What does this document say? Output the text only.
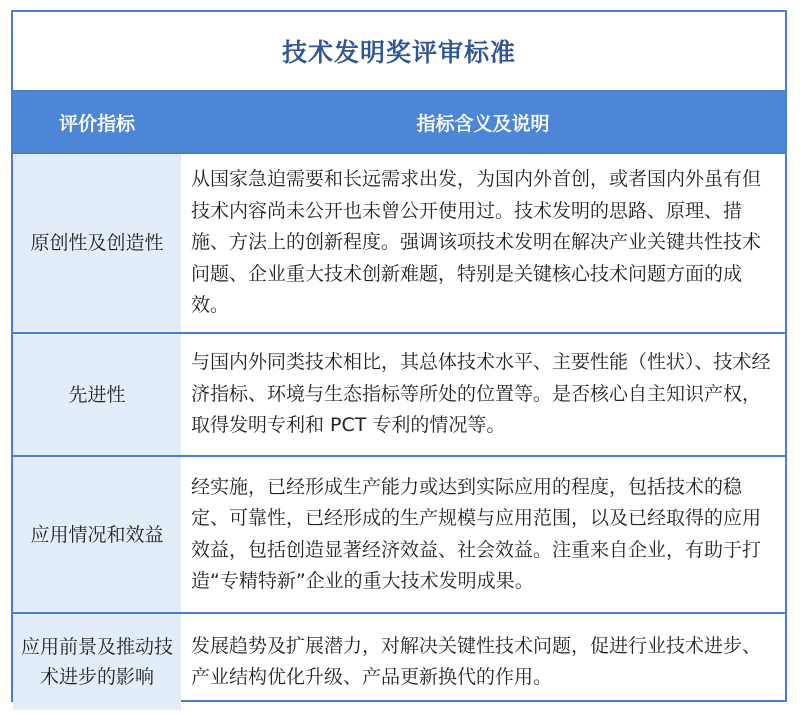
技术发明奖评审标准
评价指标	指标含义及说明
原创性及创造性
从国家急迫需要和长远需求出发，为国内外首创，或者国内外虽有但技术内容尚未公开也未曾公开使用过。技术发明的思路、原理、措施、方法上的创新程度。强调该项技术发明在解决产业关键共性技术问题、企业重大技术创新难题，特别是关键核心技术问题方面的成效。
先进性
与国内外同类技术相比，其总体技术水平、主要性能（性状）、技术经济指标、环境与生态指标等所处的位置等。是否核心自主知识产权，取得发明专利和 PCT 专利的情况等。
应用情况和效益
经实施，已经形成生产能力或达到实际应用的程度，包括技术的稳定、可靠性，已经形成的生产规模与应用范围，以及已经取得的应用效益，包括创造显著经济效益、社会效益。注重来自企业，有助于打造“专精特新”企业的重大技术发明成果。
应用前景及推动技术进步的影响
发展趋势及扩展潜力，对解决关键性技术问题，促进行业技术进步、产业结构优化升级、产品更新换代的作用。
